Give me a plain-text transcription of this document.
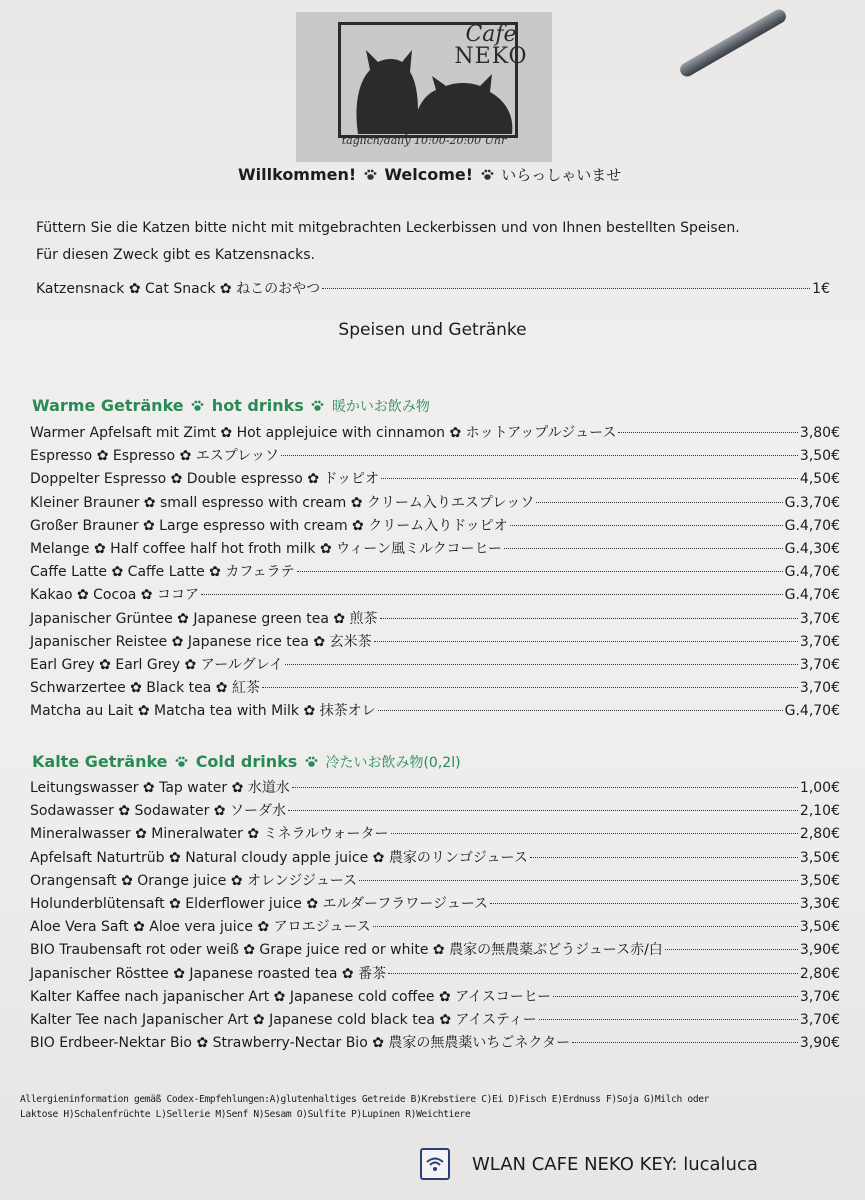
Cafe
NEKO
täglich/daily 10:00-20:00 Uhr
Willkommen! Welcome! いらっしゃいませ
Füttern Sie die Katzen bitte nicht mit mitgebrachten Leckerbissen und von Ihnen bestellten Speisen.
Für diesen Zweck gibt es Katzensnacks.
Katzensnack ✿ Cat Snack ✿ ねこのおやつ	1€
Speisen und Getränke
Warme Getränke hot drinks 暖かいお飲み物
Warmer Apfelsaft mit Zimt ✿ Hot applejuice with cinnamon ✿ ホットアップルジュース	3,80€
Espresso ✿ Espresso ✿ エスプレッソ	3,50€
Doppelter Espresso ✿ Double espresso ✿ ドッピオ	4,50€
Kleiner Brauner ✿ small espresso with cream ✿ クリーム入りエスプレッソ	G.3,70€
Großer Brauner ✿ Large espresso with cream ✿ クリーム入りドッピオ	G.4,70€
Melange ✿ Half coffee half hot froth milk ✿ ウィーン風ミルクコーヒー	G.4,30€
Caffe Latte ✿ Caffe Latte ✿ カフェラテ	G.4,70€
Kakao ✿ Cocoa ✿ ココア	G.4,70€
Japanischer Grüntee ✿ Japanese green tea ✿ 煎茶	3,70€
Japanischer Reistee ✿ Japanese rice tea ✿ 玄米茶	3,70€
Earl Grey ✿ Earl Grey ✿ アールグレイ	3,70€
Schwarzertee ✿ Black tea ✿ 紅茶	3,70€
Matcha au Lait ✿ Matcha tea with Milk ✿ 抹茶オレ	G.4,70€
Kalte Getränke Cold drinks 冷たいお飲み物(0,2l)
Leitungswasser ✿ Tap water ✿ 水道水	1,00€
Sodawasser ✿ Sodawater ✿ ソーダ水	2,10€
Mineralwasser ✿ Mineralwater ✿ ミネラルウォーター	2,80€
Apfelsaft Naturtrüb ✿ Natural cloudy apple juice ✿ 農家のリンゴジュース	3,50€
Orangensaft ✿ Orange juice ✿ オレンジジュース	3,50€
Holunderblütensaft ✿ Elderflower juice ✿ エルダーフラワージュース	3,30€
Aloe Vera Saft ✿ Aloe vera juice ✿ アロエジュース	3,50€
BIO Traubensaft rot oder weiß ✿ Grape juice red or white ✿ 農家の無農薬ぶどうジュース赤/白	3,90€
Japanischer Rösttee ✿ Japanese roasted tea ✿ 番茶	2,80€
Kalter Kaffee nach japanischer Art ✿ Japanese cold coffee ✿ アイスコーヒー	3,70€
Kalter Tee nach Japanischer Art ✿ Japanese cold black tea ✿ アイスティー	3,70€
BIO Erdbeer-Nektar Bio ✿ Strawberry-Nectar Bio ✿ 農家の無農薬いちごネクター	3,90€
Allergieninformation gemäß Codex-Empfehlungen:A)glutenhaltiges Getreide B)Krebstiere C)Ei D)Fisch E)Erdnuss F)Soja G)Milch oder
Laktose H)Schalenfrüchte L)Sellerie M)Senf N)Sesam O)Sulfite P)Lupinen R)Weichtiere
WLAN CAFE NEKO KEY:
lucaluca
